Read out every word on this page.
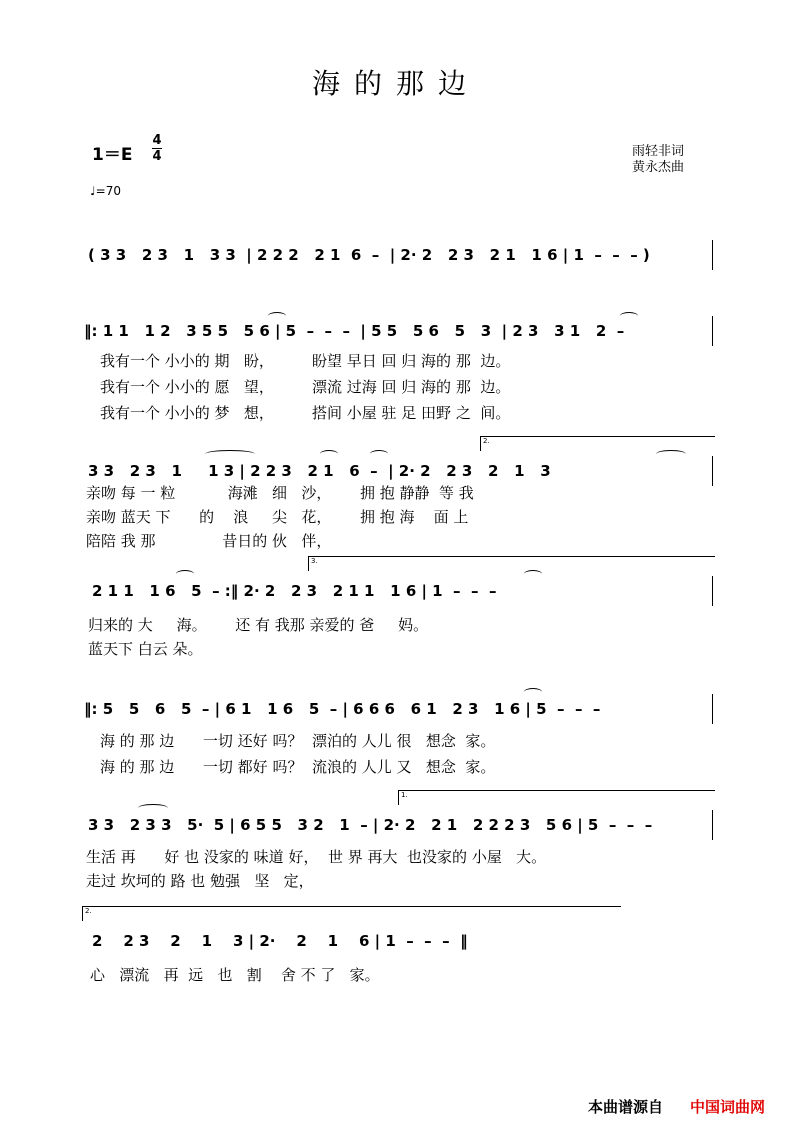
海的那边
1＝E
4
4
♩=70
雨轻非词
黄永杰曲
( 3 3   2 3   1   3 3  | 2 2 2   2 1  6  –  | 2· 2   2 3   2 1   1 6 | 1  –  –  – )
‖: 1 1   1 2   3 5 5   5 6 | 5  –  –  –  | 5 5   5 6   5   3  | 2 3   3 1   2  –
我有一个 小小的 期   盼，        盼望 早日 回 归 海的 那  边。
我有一个 小小的 愿   望，        漂流 过海 回 归 海的 那  边。
我有一个 小小的 梦   想，        搭间 小屋 驻 足 田野 之  间。
2.
3 3   2 3   1     1 3 | 2 2 3   2 1   6  –  | 2· 2   2 3   2   1   3
亲吻 每 一 粒           海滩   细   沙，      拥 抱 静静  等 我
亲吻 蓝天 下      的    浪     尖   花，      拥 抱 海    面 上
陪陪 我 那              昔日的 伙   伴，
3.
2 1 1   1 6   5  – :‖ 2· 2   2 3   2 1 1   1 6 | 1  –  –  –
归来的 大     海。      还 有 我那 亲爱的 爸     妈。
蓝天下 白云 朵。
‖: 5   5   6   5  – | 6 1   1 6   5  – | 6 6 6   6 1   2 3   1 6 | 5  –  –  –
海 的 那 边      一切 还好 吗？  漂泊的 人儿 很   想念  家。
海 的 那 边      一切 都好 吗？  流浪的 人儿 又   想念  家。
1.
3 3   2 3 3   5·  5 | 6 5 5   3 2   1  – | 2· 2   2 1   2 2 2 3   5 6 | 5  –  –  –
生活 再      好 也 没家的 味道 好，  世 界 再大  也没家的 小屋   大。
走过 坎坷的 路 也 勉强   坚   定，
2.
2    2 3    2    1    3 | 2·    2    1    6 | 1  –  –  –  ‖
心   漂流   再  远   也   割    舍 不 了   家。
本曲谱源自 中国词曲网
